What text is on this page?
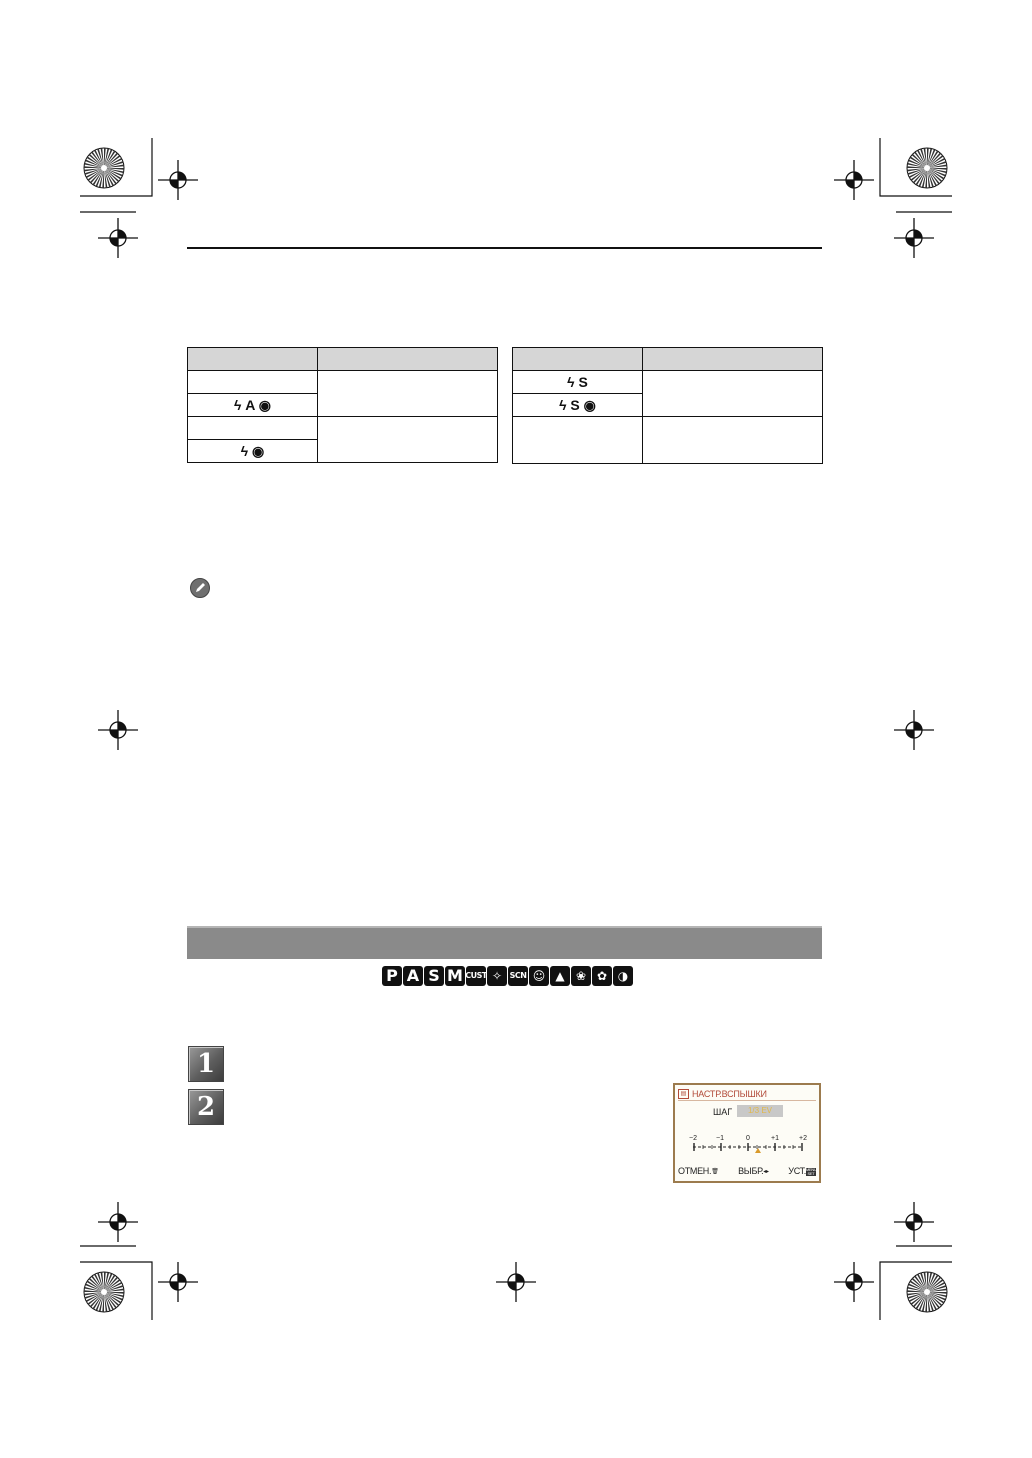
ϟ A ◉	

ϟ ◉	

ϟ S	
ϟ S ◉	

P A S M CUST ✧ SCN ☺ ▲ ❀ ✿ ◑
1
2	▤ НАСТР.ВСПЫШКИ
ШАГ	1/3 EV
−2	−1	0	+1	+2
ОТМЕН.🗑 ВЫБР.◂▸ УСТ.MENU SET
